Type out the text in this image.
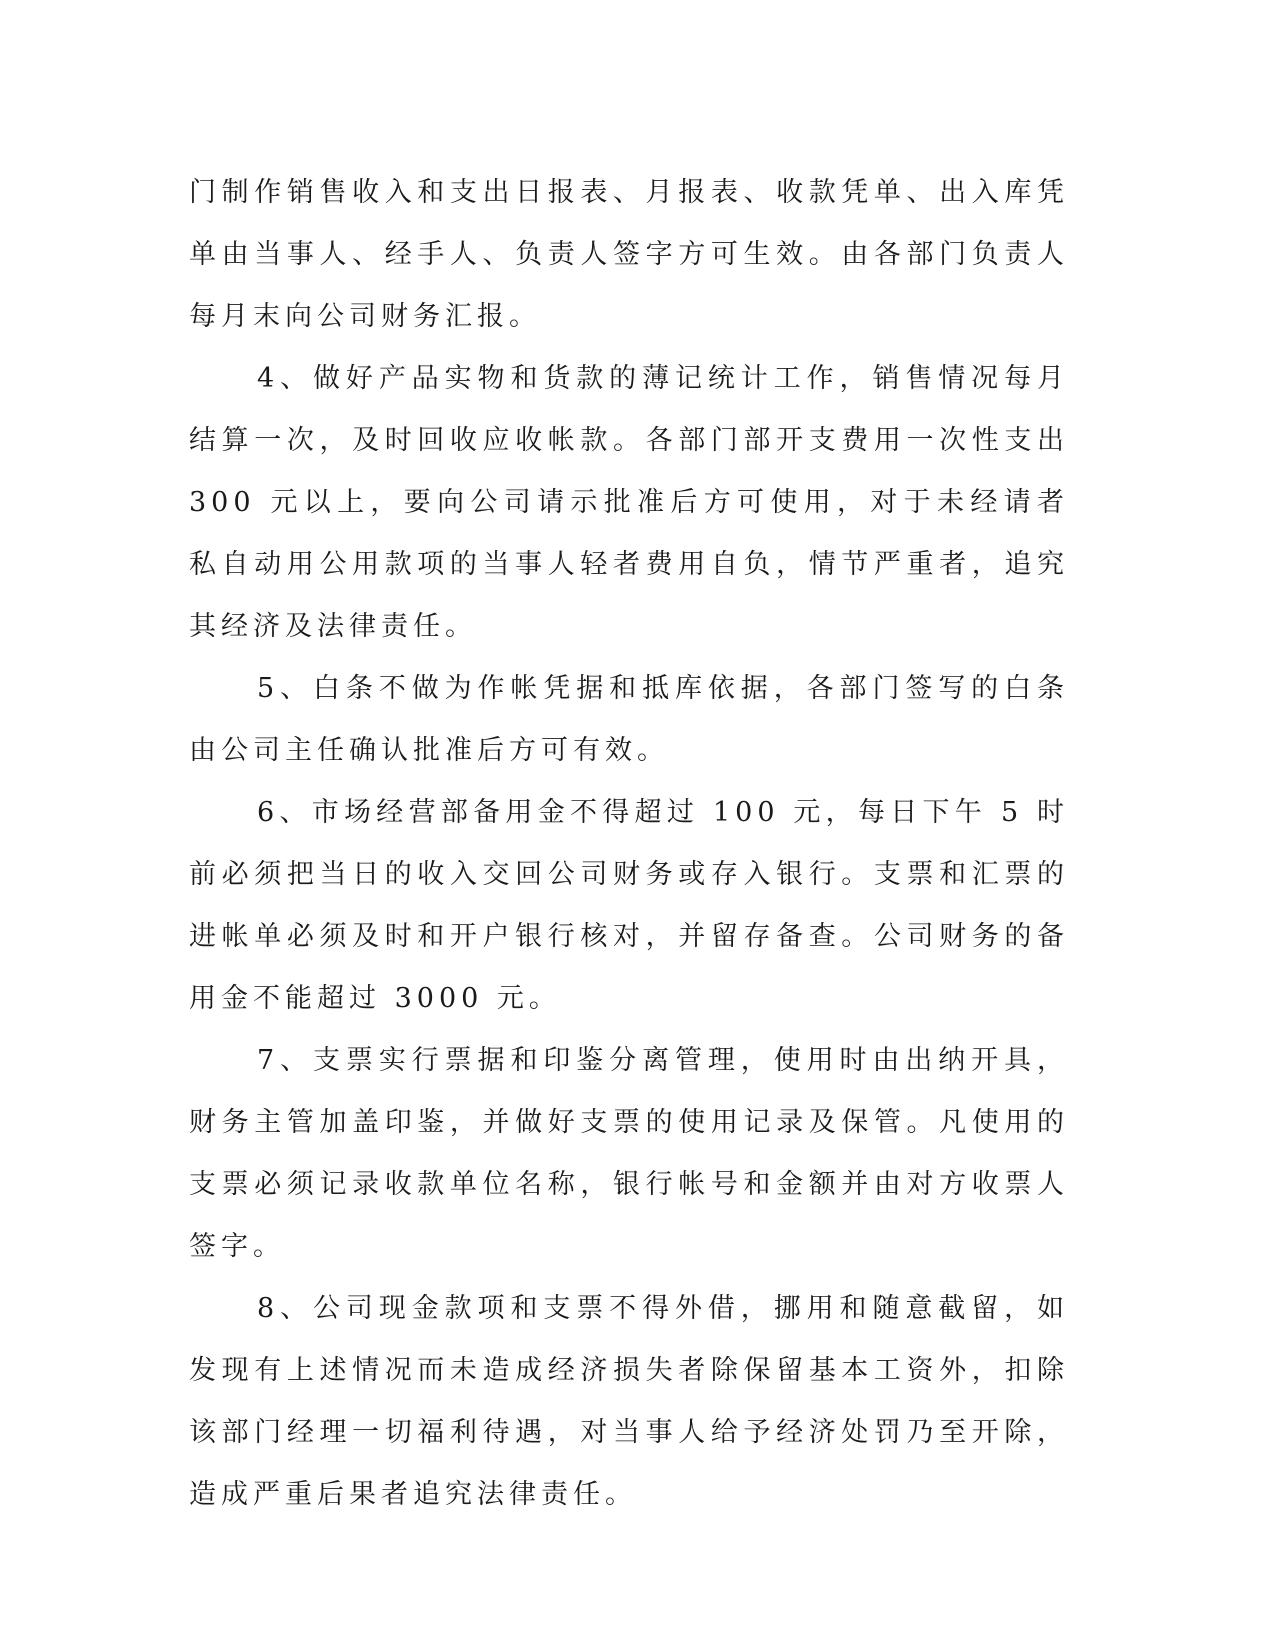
门制作销售收入和支出日报表、月报表、收款凭单、出入库凭单由当事人、经手人、负责人签字方可生效。由各部门负责人每月末向公司财务汇报。

4、做好产品实物和货款的薄记统计工作，销售情况每月结算一次，及时回收应收帐款。各部门部开支费用一次性支出 300 元以上，要向公司请示批准后方可使用，对于未经请者私自动用公用款项的当事人轻者费用自负，情节严重者，追究其经济及法律责任。

5、白条不做为作帐凭据和抵库依据，各部门签写的白条由公司主任确认批准后方可有效。

6、市场经营部备用金不得超过 100 元，每日下午 5 时前必须把当日的收入交回公司财务或存入银行。支票和汇票的进帐单必须及时和开户银行核对，并留存备查。公司财务的备用金不能超过 3000 元。

7、支票实行票据和印鉴分离管理，使用时由出纳开具，财务主管加盖印鉴，并做好支票的使用记录及保管。凡使用的支票必须记录收款单位名称，银行帐号和金额并由对方收票人签字。

8、公司现金款项和支票不得外借，挪用和随意截留，如发现有上述情况而未造成经济损失者除保留基本工资外，扣除该部门经理一切福利待遇，对当事人给予经济处罚乃至开除，造成严重后果者追究法律责任。
